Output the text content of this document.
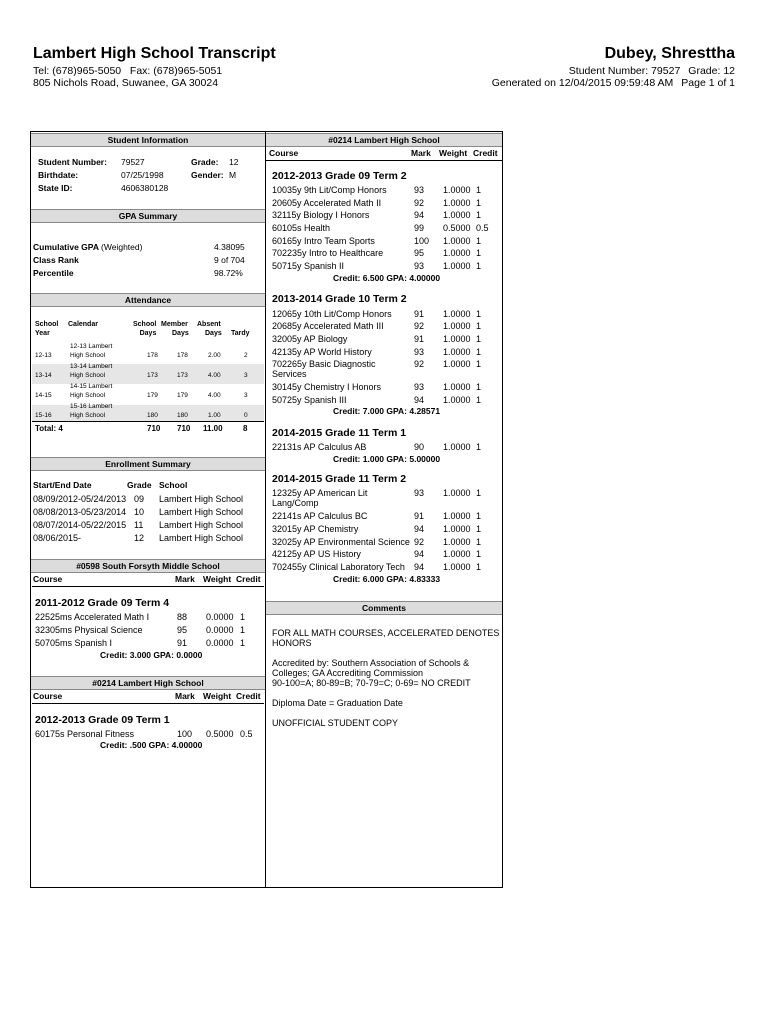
Lambert High School Transcript
Tel: (678)965-5050 Fax: (678)965-5051
805 Nichols Road, Suwanee, GA 30024
Dubey, Shresttha
Student Number: 79527 Grade: 12
Generated on 12/04/2015 09:59:48 AM Page 1 of 1
Student Information
Student Number: 79527	Grade: 12
Birthdate:	07/25/1998	Gender: M
State ID:	4606380128
GPA Summary
Cumulative GPA (Weighted)	4.38095
Class Rank	9 of 704
Percentile	98.72%
Attendance
School
Year
Calendar	School
Days
Member
Days
Absent
Days Tardy
12-13 Lambert
12-13	High School	178	178	2.00	2
13-14 Lambert
13-14	High School	173	173	4.00	3
14-15 Lambert
14-15	High School	179	179	4.00	3
15-16 Lambert
15-16	High School	180	180	1.00	0
Total: 4	710 710 11.00	8
Enrollment Summary
Start/End Date	Grade School
08/09/2012-05/24/2013 09 Lambert High School
08/08/2013-05/23/2014 10 Lambert High School
08/07/2014-05/22/2015 11 Lambert High School
08/06/2015-	12 Lambert High School
#0598 South Forsyth Middle School
Course	Mark Weight Credit
2011-2012 Grade 09 Term 4
22525ms Accelerated Math I	88 0.0000 1
32305ms Physical Science	95 0.0000 1
50705ms Spanish I	91 0.0000 1
Credit: 3.000 GPA: 0.0000
#0214 Lambert High School
Course	Mark Weight Credit
2012-2013 Grade 09 Term 1
60175s Personal Fitness	100 0.5000 0.5
Credit: .500 GPA: 4.00000
#0214 Lambert High School
Course	Mark Weight Credit
2012-2013 Grade 09 Term 2
10035y 9th Lit/Comp Honors	93 1.0000 1
20605y Accelerated Math II	92 1.0000 1
32115y Biology I Honors	94 1.0000 1
60105s Health	99 0.5000 0.5
60165y Intro Team Sports	100 1.0000 1
702235y Intro to Healthcare	95 1.0000 1
50715y Spanish II	93 1.0000 1
Credit: 6.500 GPA: 4.00000
2013-2014 Grade 10 Term 2
12065y 10th Lit/Comp Honors 91 1.0000 1
20685y Accelerated Math III	92 1.0000 1
32005y AP Biology	91 1.0000 1
42135y AP World History	93 1.0000 1
702265y Basic Diagnostic
Services
92 1.0000 1
30145y Chemistry I Honors	93 1.0000 1
50725y Spanish III	94 1.0000 1
Credit: 7.000 GPA: 4.28571
2014-2015 Grade 11 Term 1
22131s AP Calculus AB	90 1.0000 1
Credit: 1.000 GPA: 5.00000
2014-2015 Grade 11 Term 2
12325y AP American Lit
Lang/Comp
93 1.0000 1
22141s AP Calculus BC	91 1.0000 1
32015y AP Chemistry	94 1.0000 1
32025y AP Environmental Science 92 1.0000 1
42125y AP US History	94 1.0000 1
702455y Clinical Laboratory Tech 94 1.0000 1
Credit: 6.000 GPA: 4.83333
Comments
FOR ALL MATH COURSES, ACCELERATED DENOTES
HONORS
Accredited by: Southern Association of Schools &
Colleges; GA Accrediting Commission
90-100=A; 80-89=B; 70-79=C; 0-69= NO CREDIT
Diploma Date = Graduation Date
UNOFFICIAL STUDENT COPY
